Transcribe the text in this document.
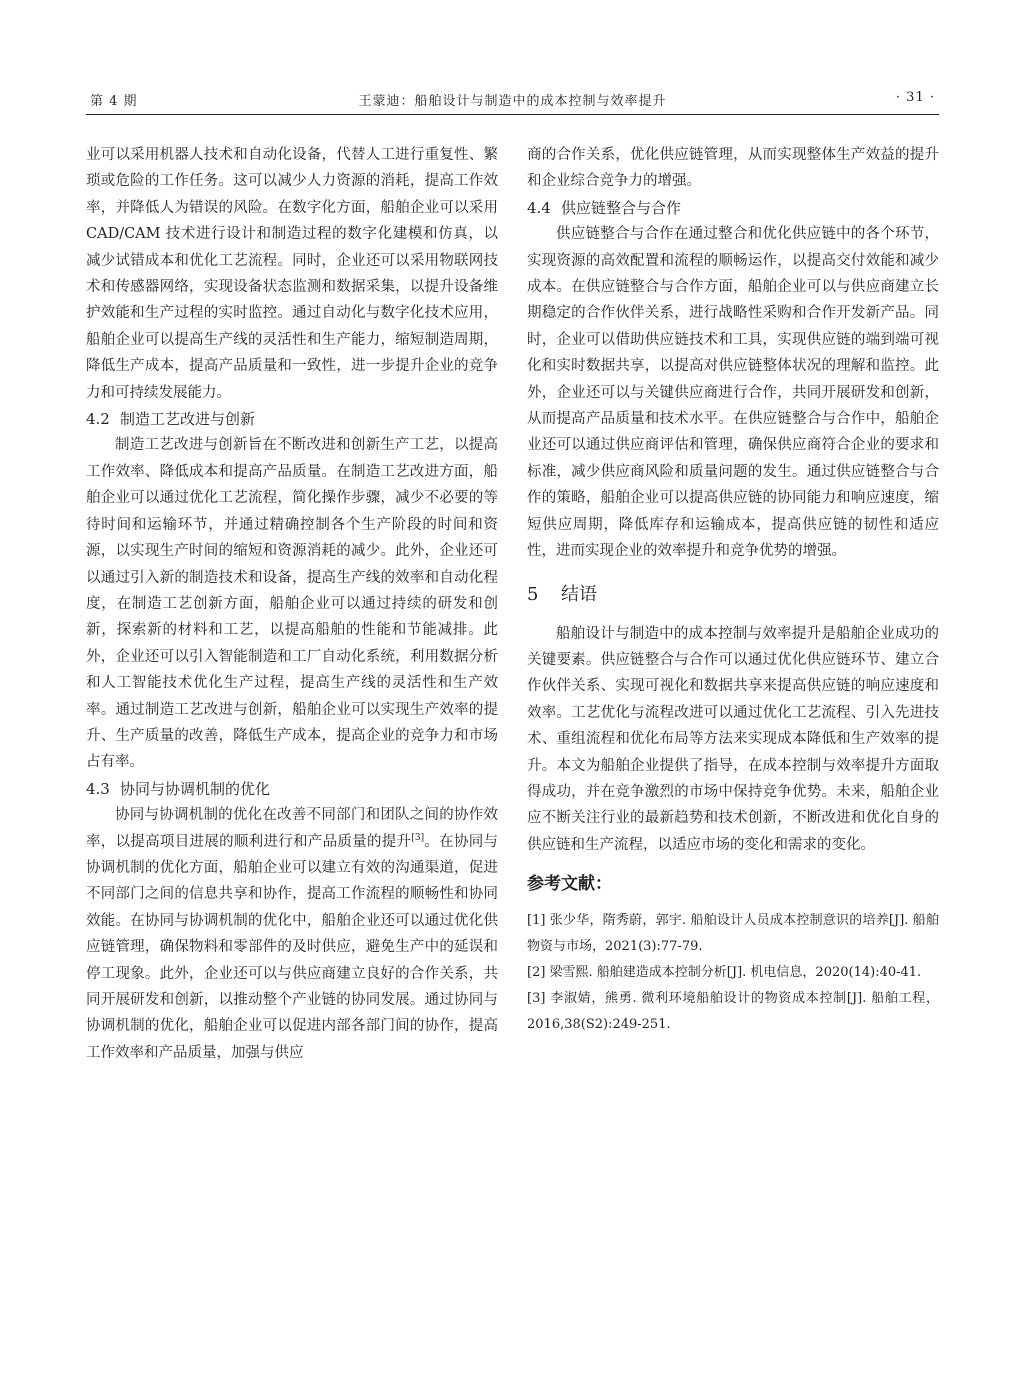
第 4 期	王蒙迪：船舶设计与制造中的成本控制与效率提升	· 31 ·

业可以采用机器人技术和自动化设备，代替人工进行重复性、繁琐或危险的工作任务。这可以减少人力资源的消耗，提高工作效率，并降低人为错误的风险。在数字化方面，船舶企业可以采用 CAD/CAM 技术进行设计和制造过程的数字化建模和仿真，以减少试错成本和优化工艺流程。同时，企业还可以采用物联网技术和传感器网络，实现设备状态监测和数据采集，以提升设备维护效能和生产过程的实时监控。通过自动化与数字化技术应用，船舶企业可以提高生产线的灵活性和生产能力，缩短制造周期，降低生产成本，提高产品质量和一致性，进一步提升企业的竞争力和可持续发展能力。

4.2 制造工艺改进与创新

制造工艺改进与创新旨在不断改进和创新生产工艺，以提高工作效率、降低成本和提高产品质量。在制造工艺改进方面，船舶企业可以通过优化工艺流程，简化操作步骤，减少不必要的等待时间和运输环节，并通过精确控制各个生产阶段的时间和资源，以实现生产时间的缩短和资源消耗的减少。此外，企业还可以通过引入新的制造技术和设备，提高生产线的效率和自动化程度，在制造工艺创新方面，船舶企业可以通过持续的研发和创新，探索新的材料和工艺，以提高船舶的性能和节能减排。此外，企业还可以引入智能制造和工厂自动化系统，利用数据分析和人工智能技术优化生产过程，提高生产线的灵活性和生产效率。通过制造工艺改进与创新，船舶企业可以实现生产效率的提升、生产质量的改善，降低生产成本，提高企业的竞争力和市场占有率。

4.3 协同与协调机制的优化

协同与协调机制的优化在改善不同部门和团队之间的协作效率，以提高项目进展的顺利进行和产品质量的提升[3]。在协同与协调机制的优化方面，船舶企业可以建立有效的沟通渠道，促进不同部门之间的信息共享和协作，提高工作流程的顺畅性和协同效能。在协同与协调机制的优化中，船舶企业还可以通过优化供应链管理，确保物料和零部件的及时供应，避免生产中的延误和停工现象。此外，企业还可以与供应商建立良好的合作关系，共同开展研发和创新，以推动整个产业链的协同发展。通过协同与协调机制的优化，船舶企业可以促进内部各部门间的协作，提高工作效率和产品质量，加强与供应

商的合作关系，优化供应链管理，从而实现整体生产效益的提升和企业综合竞争力的增强。

4.4 供应链整合与合作

供应链整合与合作在通过整合和优化供应链中的各个环节，实现资源的高效配置和流程的顺畅运作，以提高交付效能和减少成本。在供应链整合与合作方面，船舶企业可以与供应商建立长期稳定的合作伙伴关系，进行战略性采购和合作开发新产品。同时，企业可以借助供应链技术和工具，实现供应链的端到端可视化和实时数据共享，以提高对供应链整体状况的理解和监控。此外，企业还可以与关键供应商进行合作，共同开展研发和创新，从而提高产品质量和技术水平。在供应链整合与合作中，船舶企业还可以通过供应商评估和管理，确保供应商符合企业的要求和标准，减少供应商风险和质量问题的发生。通过供应链整合与合作的策略，船舶企业可以提高供应链的协同能力和响应速度，缩短供应周期，降低库存和运输成本，提高供应链的韧性和适应性，进而实现企业的效率提升和竞争优势的增强。

5 结语

船舶设计与制造中的成本控制与效率提升是船舶企业成功的关键要素。供应链整合与合作可以通过优化供应链环节、建立合作伙伴关系、实现可视化和数据共享来提高供应链的响应速度和效率。工艺优化与流程改进可以通过优化工艺流程、引入先进技术、重组流程和优化布局等方法来实现成本降低和生产效率的提升。本文为船舶企业提供了指导，在成本控制与效率提升方面取得成功，并在竞争激烈的市场中保持竞争优势。未来，船舶企业应不断关注行业的最新趋势和技术创新，不断改进和优化自身的供应链和生产流程，以适应市场的变化和需求的变化。

参考文献：

[1] 张少华，隋秀蔚，郭宇. 船舶设计人员成本控制意识的培养[J]. 船舶物资与市场，2021(3):77-79.

[2] 梁雪熙. 船舶建造成本控制分析[J]. 机电信息，2020(14):40-41.

[3] 李淑婧，熊勇. 微利环境船舶设计的物资成本控制[J]. 船舶工程，2016,38(S2):249-251.
